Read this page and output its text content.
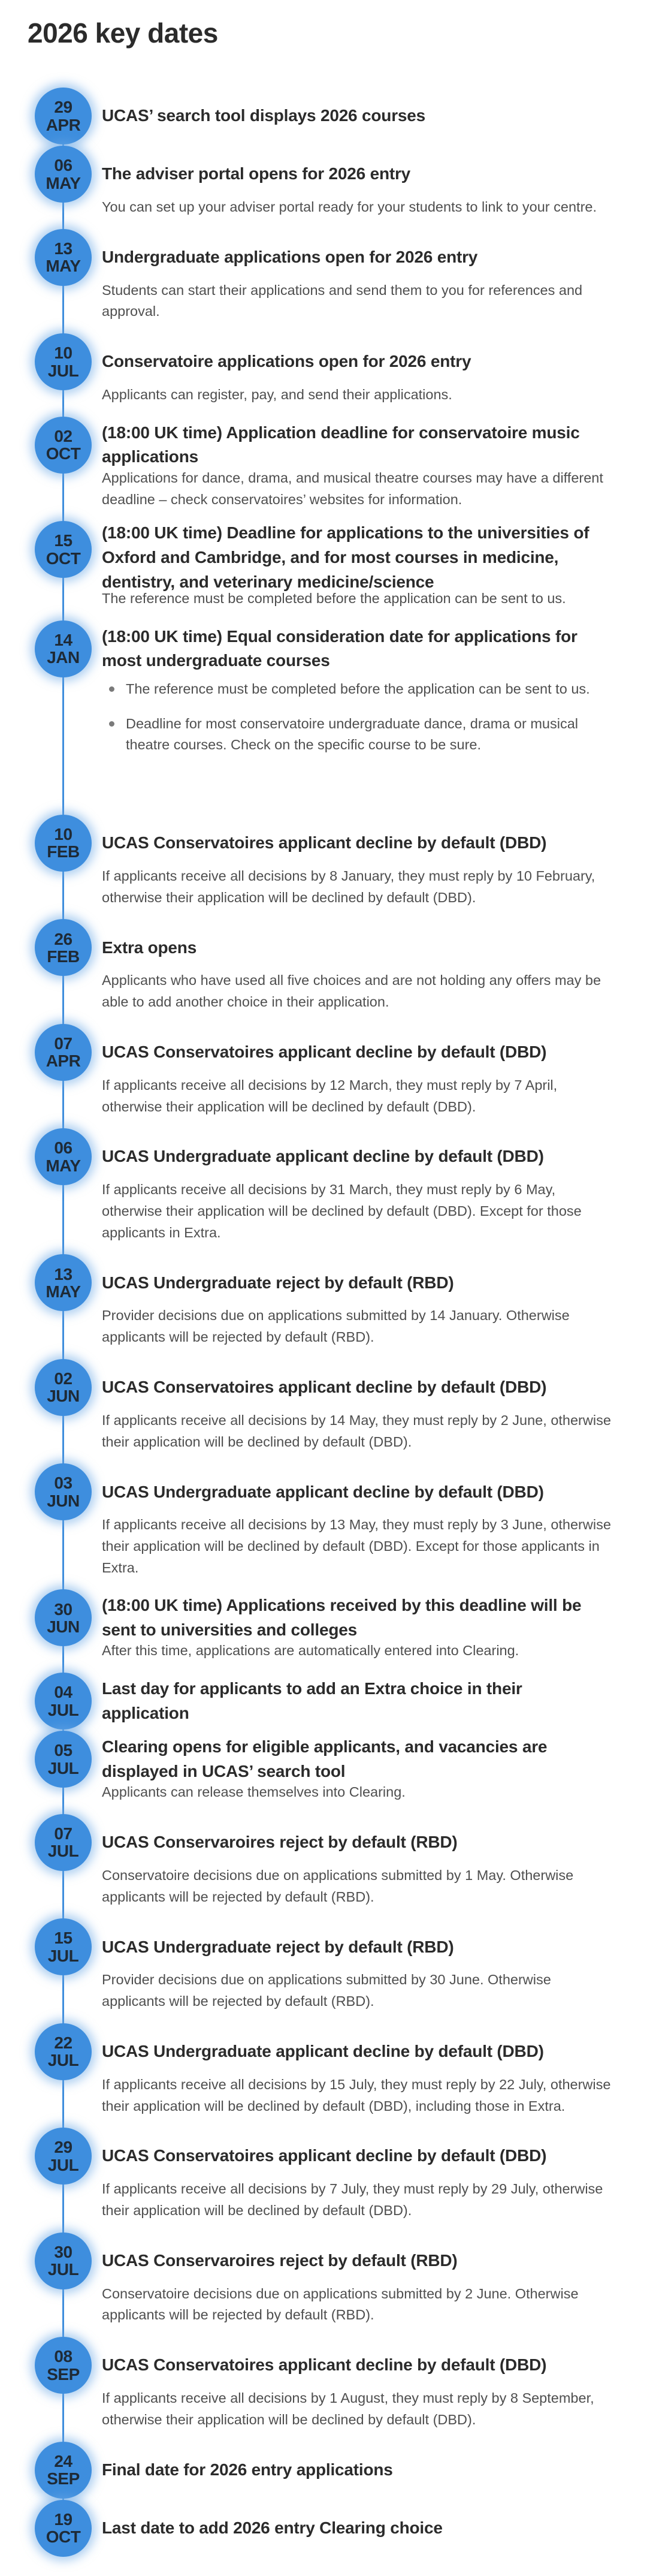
2026 key dates
29
APR UCAS’ search tool displays 2026 courses
06
MAY The adviser portal opens for 2026 entry

You can set up your adviser portal ready for your students to link to your centre.

13
MAY Undergraduate applications open for 2026 entry

Students can start their applications and send them to you for references and approval.

10
JUL Conservatoire applications open for 2026 entry

Applicants can register, pay, and send their applications.

02
OCT
(18:00 UK time) Application deadline for conservatoire music applications

Applications for dance, drama, and musical theatre courses may have a different deadline – check conservatoires’ websites for information.

15
OCT
(18:00 UK time) Deadline for applications to the universities of Oxford and Cambridge, and for most courses in medicine, dentistry, and veterinary medicine/science

The reference must be completed before the application can be sent to us.

14
JAN
(18:00 UK time) Equal consideration date for applications for most undergraduate courses
The reference must be completed before the application can be sent to us.
Deadline for most conservatoire undergraduate dance, drama or musical theatre courses. Check on the specific course to be sure.
10
FEB UCAS Conservatoires applicant decline by default (DBD)

If applicants receive all decisions by 8 January, they must reply by 10 February, otherwise their application will be declined by default (DBD).

26
FEB Extra opens

Applicants who have used all five choices and are not holding any offers may be able to add another choice in their application.

07
APR UCAS Conservatoires applicant decline by default (DBD)

If applicants receive all decisions by 12 March, they must reply by 7 April, otherwise their application will be declined by default (DBD).

06
MAY UCAS Undergraduate applicant decline by default (DBD)

If applicants receive all decisions by 31 March, they must reply by 6 May, otherwise their application will be declined by default (DBD). Except for those applicants in Extra.

13
MAY UCAS Undergraduate reject by default (RBD)

Provider decisions due on applications submitted by 14 January. Otherwise applicants will be rejected by default (RBD).

02
JUN UCAS Conservatoires applicant decline by default (DBD)

If applicants receive all decisions by 14 May, they must reply by 2 June, otherwise their application will be declined by default (DBD).

03
JUN UCAS Undergraduate applicant decline by default (DBD)

If applicants receive all decisions by 13 May, they must reply by 3 June, otherwise their application will be declined by default (DBD). Except for those applicants in Extra.

30
JUN
(18:00 UK time) Applications received by this deadline will be sent to universities and colleges

After this time, applications are automatically entered into Clearing.

04
JUL
Last day for applicants to add an Extra choice in their application
05
JUL
Clearing opens for eligible applicants, and vacancies are displayed in UCAS’ search tool

Applicants can release themselves into Clearing.

07
JUL UCAS Conservaroires reject by default (RBD)

Conservatoire decisions due on applications submitted by 1 May. Otherwise applicants will be rejected by default (RBD).

15
JUL UCAS Undergraduate reject by default (RBD)

Provider decisions due on applications submitted by 30 June. Otherwise applicants will be rejected by default (RBD).

22
JUL UCAS Undergraduate applicant decline by default (DBD)

If applicants receive all decisions by 15 July, they must reply by 22 July, otherwise their application will be declined by default (DBD), including those in Extra.

29
JUL UCAS Conservatoires applicant decline by default (DBD)

If applicants receive all decisions by 7 July, they must reply by 29 July, otherwise their application will be declined by default (DBD).

30
JUL UCAS Conservaroires reject by default (RBD)

Conservatoire decisions due on applications submitted by 2 June. Otherwise applicants will be rejected by default (RBD).

08
SEP UCAS Conservatoires applicant decline by default (DBD)

If applicants receive all decisions by 1 August, they must reply by 8 September, otherwise their application will be declined by default (DBD).

24
SEP Final date for 2026 entry applications
19
OCT Last date to add 2026 entry Clearing choice
